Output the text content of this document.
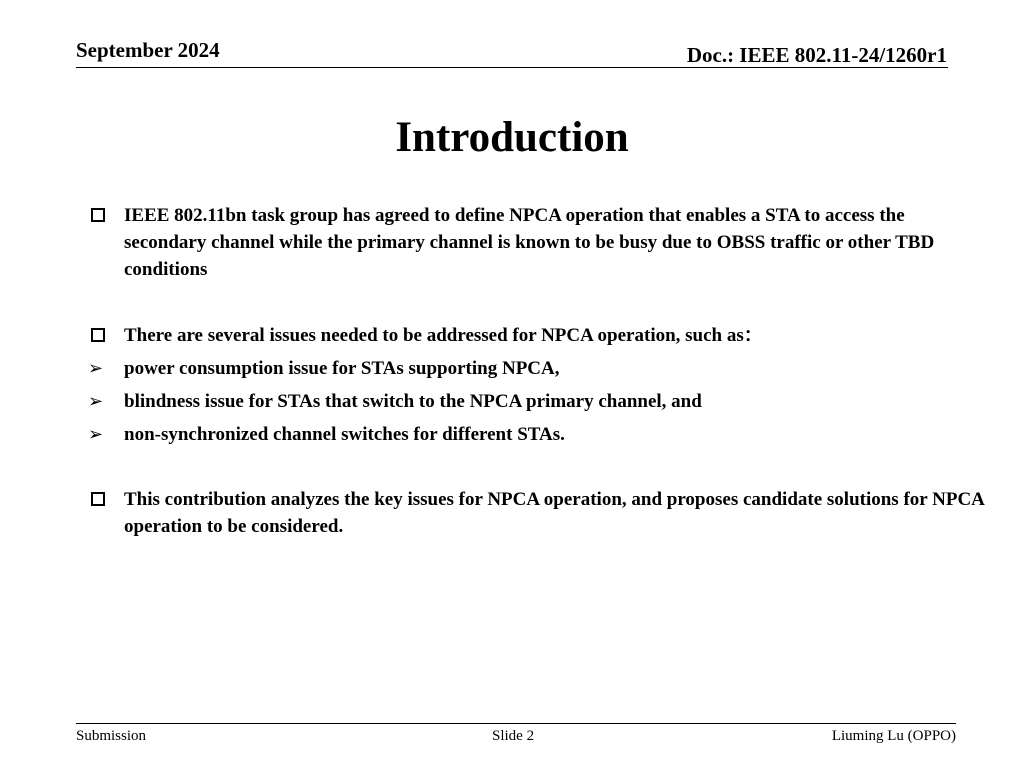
September 2024	Doc.: IEEE 802.11-24/1260r1
Introduction
IEEE 802.11bn task group has agreed to define NPCA operation that enables a STA to access the secondary channel while the primary channel is known to be busy due to OBSS traffic or other TBD conditions
There are several issues needed to be addressed for NPCA operation, such as：
➢ power consumption issue for STAs supporting NPCA,
➢ blindness issue for STAs that switch to the NPCA primary channel, and
➢ non-synchronized channel switches for different STAs.
This contribution analyzes the key issues for NPCA operation, and proposes candidate solutions for NPCA operation to be considered.
Submission	Slide 2	Liuming Lu (OPPO)
